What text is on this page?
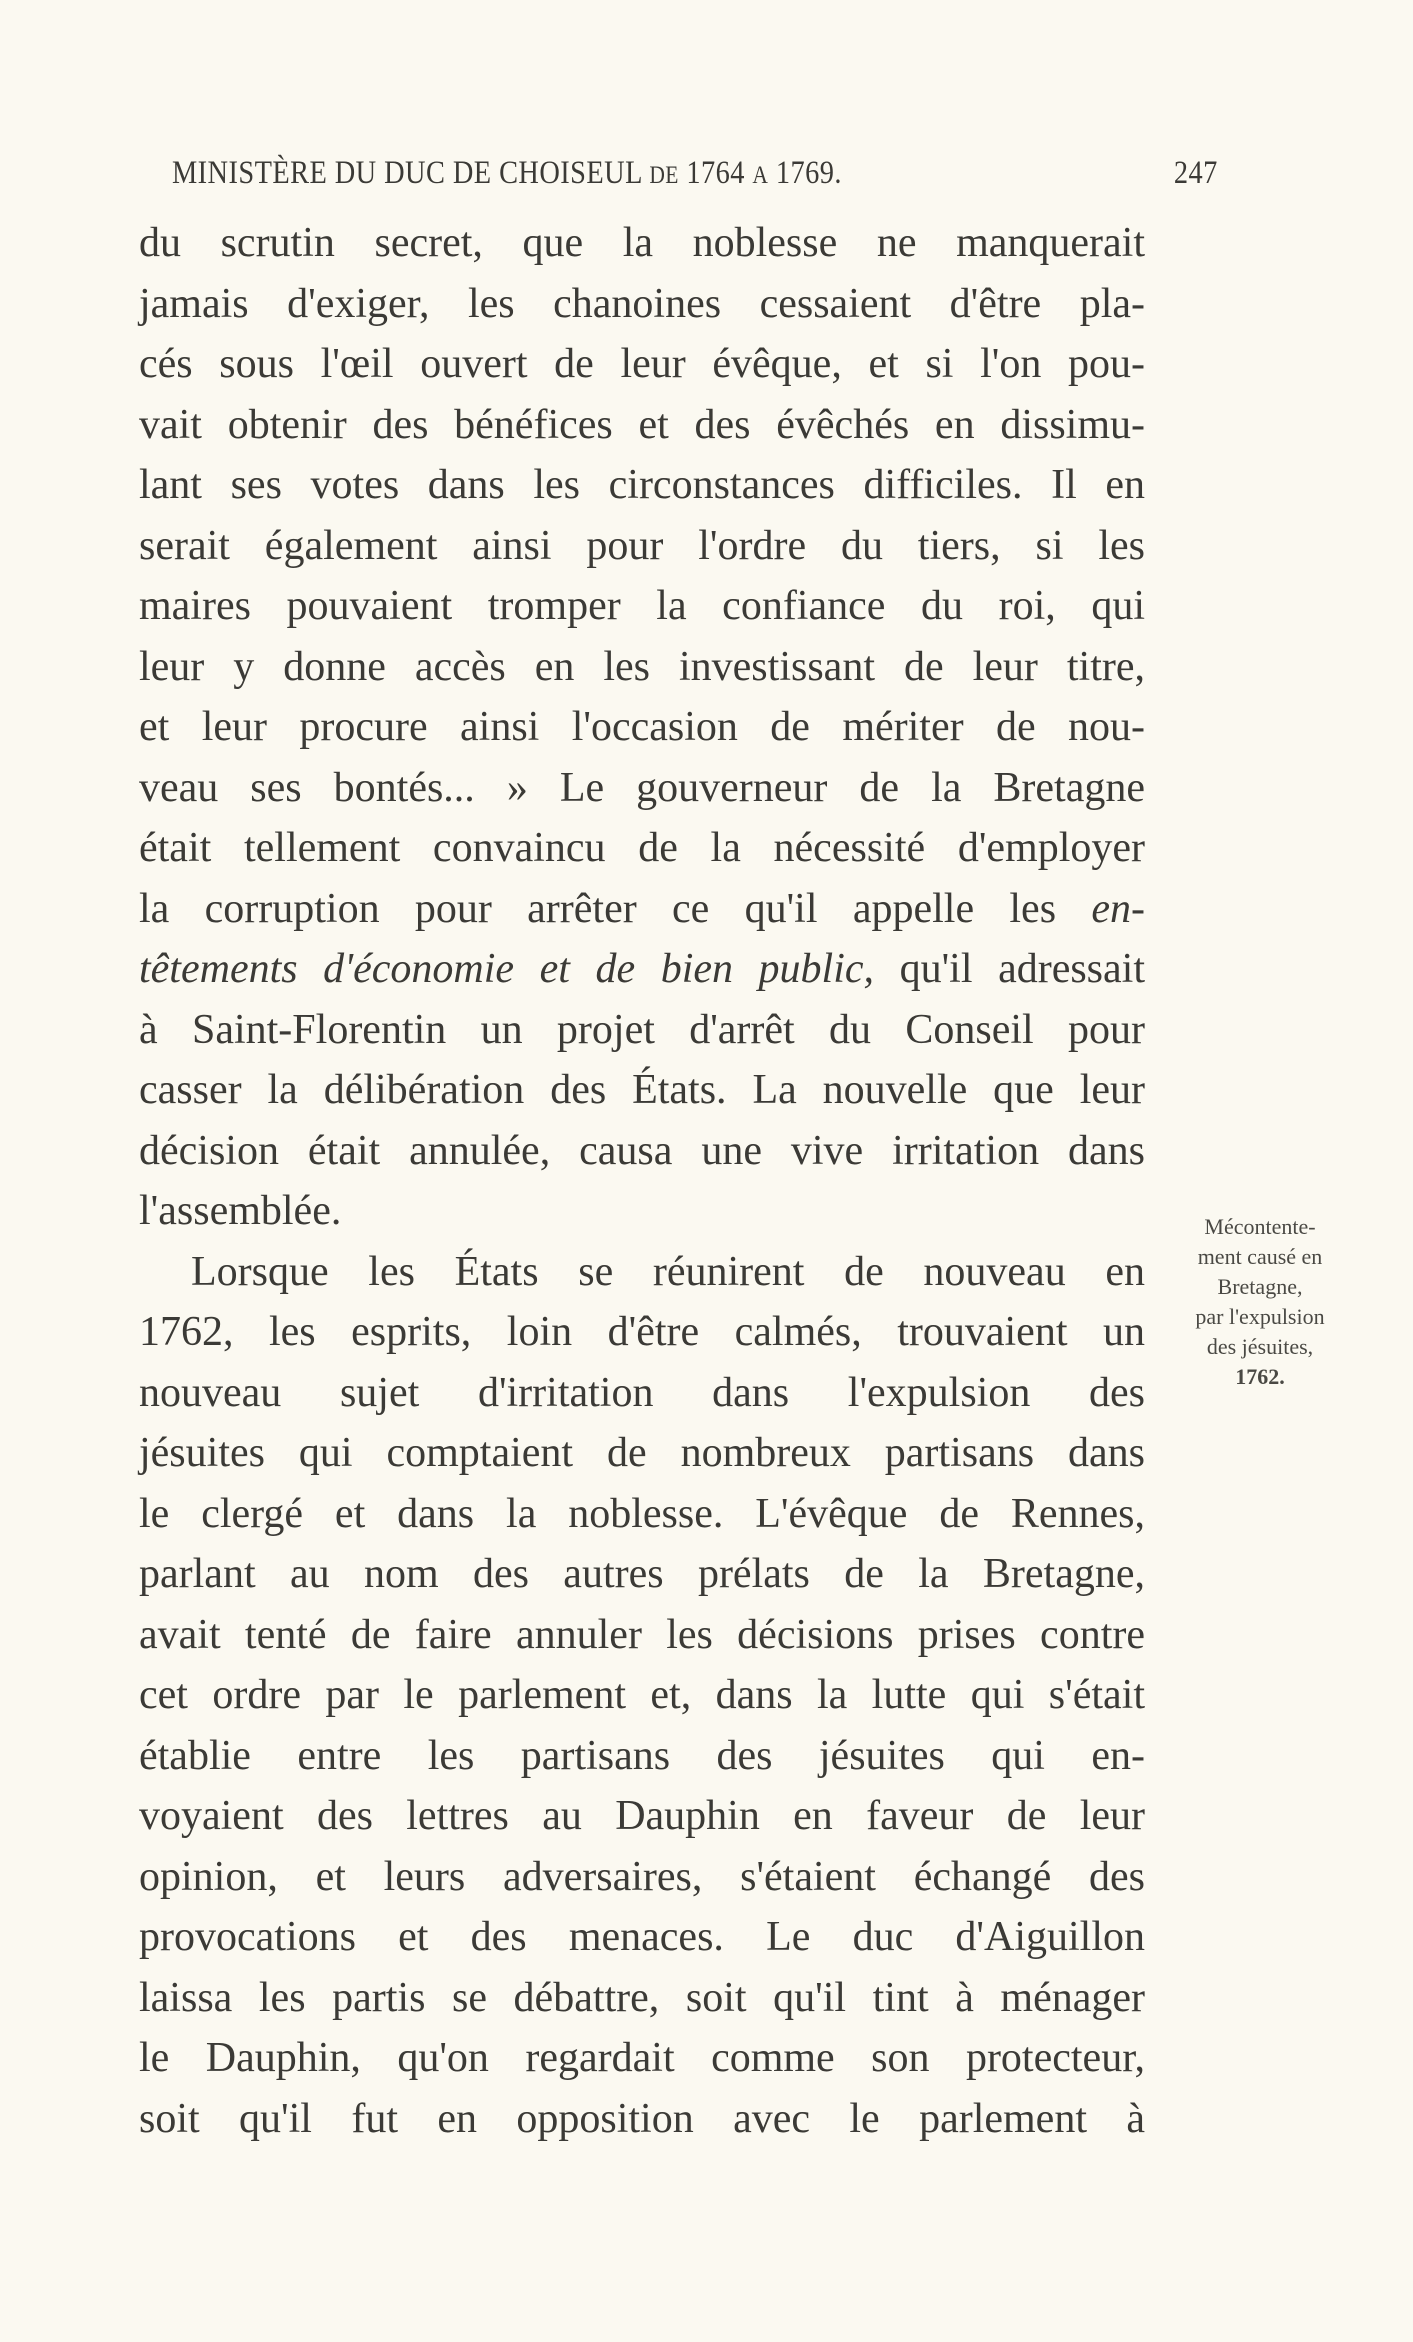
MINISTÈRE DU DUC DE CHOISEUL DE 1764 A 1769.	247
du scrutin secret, que la noblesse ne manquerait
jamais d'exiger, les chanoines cessaient d'être pla-
cés sous l'œil ouvert de leur évêque, et si l'on pou-
vait obtenir des bénéfices et des évêchés en dissimu-
lant ses votes dans les circonstances difficiles. Il en
serait également ainsi pour l'ordre du tiers, si les
maires pouvaient tromper la confiance du roi, qui
leur y donne accès en les investissant de leur titre,
et leur procure ainsi l'occasion de mériter de nou-
veau ses bontés... » Le gouverneur de la Bretagne
était tellement convaincu de la nécessité d'employer
la corruption pour arrêter ce qu'il appelle les en-
têtements d'économie et de bien public, qu'il adressait
à Saint-Florentin un projet d'arrêt du Conseil pour
casser la délibération des États. La nouvelle que leur
décision était annulée, causa une vive irritation dans
l'assemblée.
Lorsque les États se réunirent de nouveau en
1762, les esprits, loin d'être calmés, trouvaient un
nouveau sujet d'irritation dans l'expulsion des
jésuites qui comptaient de nombreux partisans dans
le clergé et dans la noblesse. L'évêque de Rennes,
parlant au nom des autres prélats de la Bretagne,
avait tenté de faire annuler les décisions prises contre
cet ordre par le parlement et, dans la lutte qui s'était
établie entre les partisans des jésuites qui en-
voyaient des lettres au Dauphin en faveur de leur
opinion, et leurs adversaires, s'étaient échangé des
provocations et des menaces. Le duc d'Aiguillon
laissa les partis se débattre, soit qu'il tint à ménager
le Dauphin, qu'on regardait comme son protecteur,
soit qu'il fut en opposition avec le parlement à
Mécontente-
ment causé en
Bretagne,
par l'expulsion
des jésuites,
1762.
